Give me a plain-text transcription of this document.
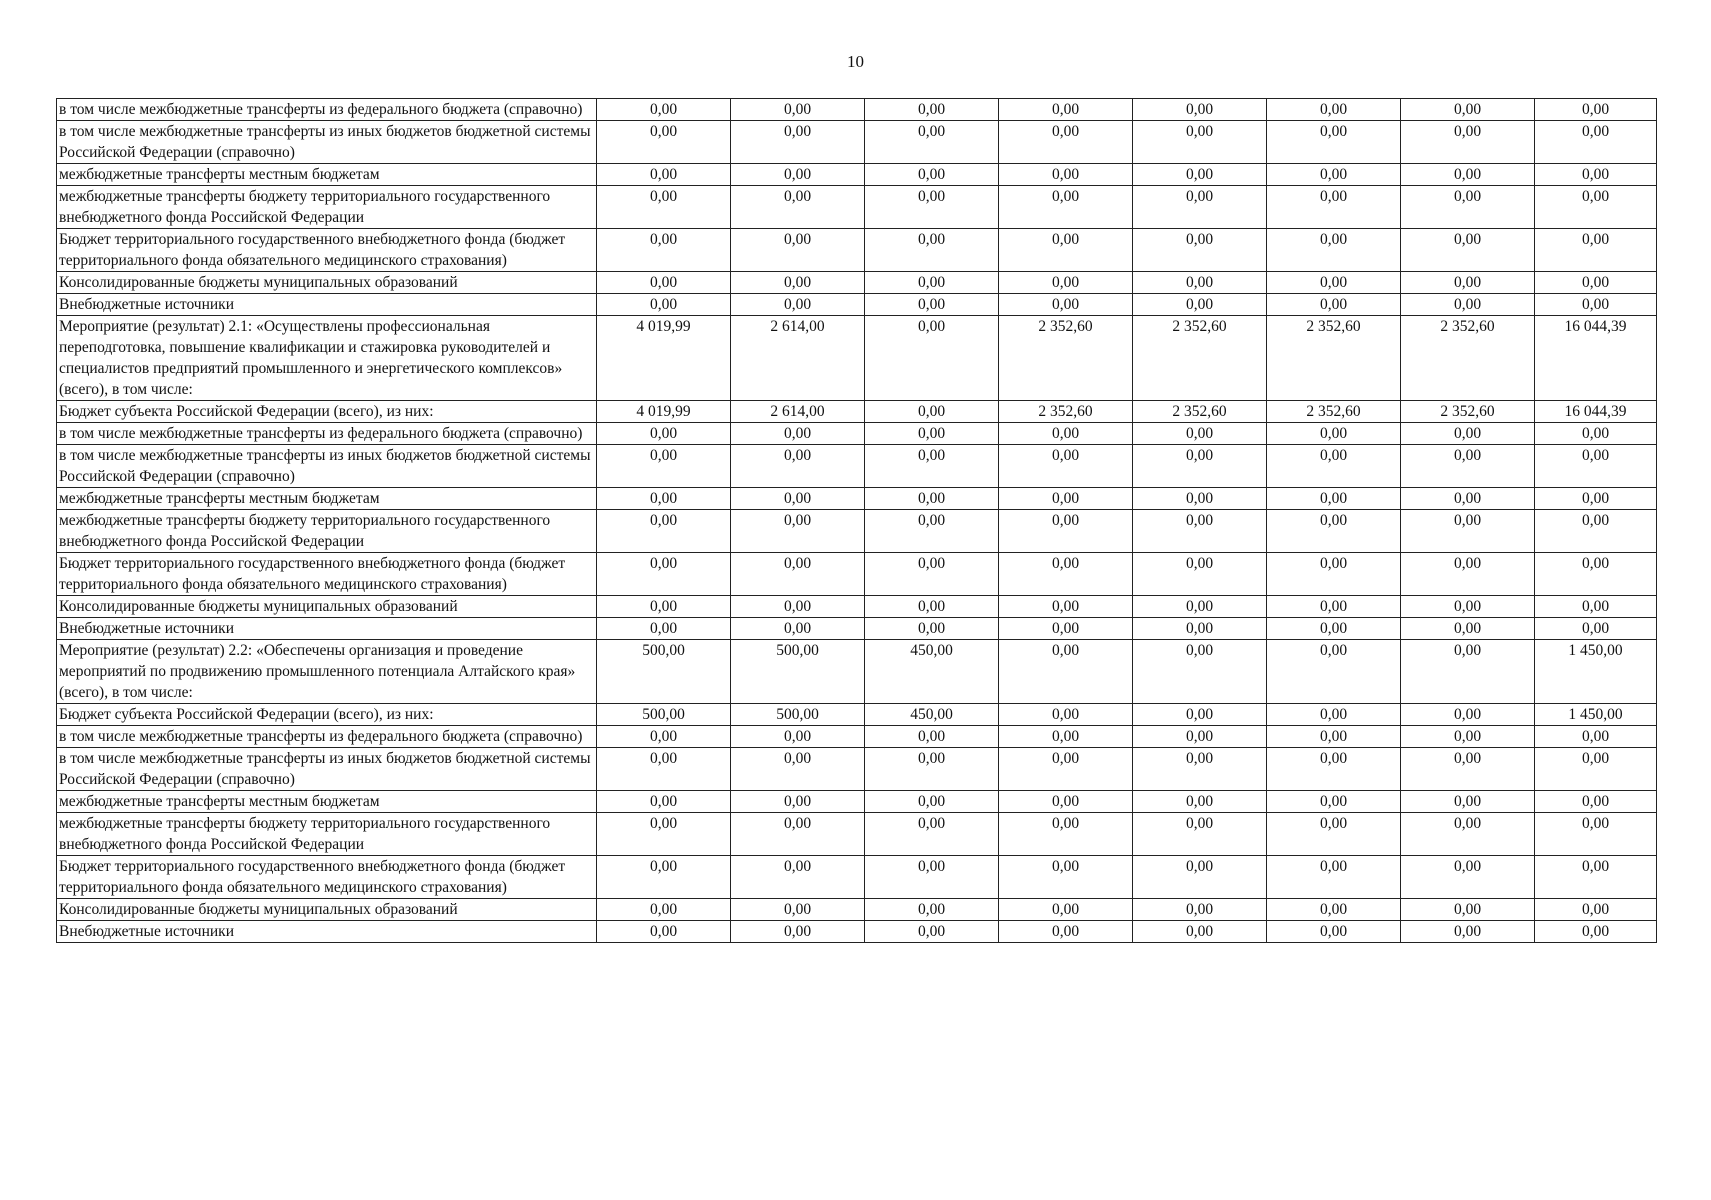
10
в том числе межбюджетные трансферты из федерального бюджета (справочно)	0,00	0,00	0,00	0,00	0,00	0,00	0,00	0,00
в том числе межбюджетные трансферты из иных бюджетов бюджетной системы Российской Федерации (справочно)	0,00	0,00	0,00	0,00	0,00	0,00	0,00	0,00
межбюджетные трансферты местным бюджетам	0,00	0,00	0,00	0,00	0,00	0,00	0,00	0,00
межбюджетные трансферты бюджету территориального государственного внебюджетного фонда Российской Федерации	0,00	0,00	0,00	0,00	0,00	0,00	0,00	0,00
Бюджет территориального государственного внебюджетного фонда (бюджет территориального фонда обязательного медицинского страхования)	0,00	0,00	0,00	0,00	0,00	0,00	0,00	0,00
Консолидированные бюджеты муниципальных образований	0,00	0,00	0,00	0,00	0,00	0,00	0,00	0,00
Внебюджетные источники	0,00	0,00	0,00	0,00	0,00	0,00	0,00	0,00
Мероприятие (результат) 2.1: «Осуществлены профессиональная переподготовка, повышение квалификации и стажировка руководителей и специалистов предприятий промышленного и энергетического комплексов» (всего), в том числе:	4 019,99	2 614,00	0,00	2 352,60	2 352,60	2 352,60	2 352,60	16 044,39
Бюджет субъекта Российской Федерации (всего), из них:	4 019,99	2 614,00	0,00	2 352,60	2 352,60	2 352,60	2 352,60	16 044,39
в том числе межбюджетные трансферты из федерального бюджета (справочно)	0,00	0,00	0,00	0,00	0,00	0,00	0,00	0,00
в том числе межбюджетные трансферты из иных бюджетов бюджетной системы Российской Федерации (справочно)	0,00	0,00	0,00	0,00	0,00	0,00	0,00	0,00
межбюджетные трансферты местным бюджетам	0,00	0,00	0,00	0,00	0,00	0,00	0,00	0,00
межбюджетные трансферты бюджету территориального государственного внебюджетного фонда Российской Федерации	0,00	0,00	0,00	0,00	0,00	0,00	0,00	0,00
Бюджет территориального государственного внебюджетного фонда (бюджет территориального фонда обязательного медицинского страхования)	0,00	0,00	0,00	0,00	0,00	0,00	0,00	0,00
Консолидированные бюджеты муниципальных образований	0,00	0,00	0,00	0,00	0,00	0,00	0,00	0,00
Внебюджетные источники	0,00	0,00	0,00	0,00	0,00	0,00	0,00	0,00
Мероприятие (результат) 2.2: «Обеспечены организация и проведение мероприятий по продвижению промышленного потенциала Алтайского края» (всего), в том числе:	500,00	500,00	450,00	0,00	0,00	0,00	0,00	1 450,00
Бюджет субъекта Российской Федерации (всего), из них:	500,00	500,00	450,00	0,00	0,00	0,00	0,00	1 450,00
в том числе межбюджетные трансферты из федерального бюджета (справочно)	0,00	0,00	0,00	0,00	0,00	0,00	0,00	0,00
в том числе межбюджетные трансферты из иных бюджетов бюджетной системы Российской Федерации (справочно)	0,00	0,00	0,00	0,00	0,00	0,00	0,00	0,00
межбюджетные трансферты местным бюджетам	0,00	0,00	0,00	0,00	0,00	0,00	0,00	0,00
межбюджетные трансферты бюджету территориального государственного внебюджетного фонда Российской Федерации	0,00	0,00	0,00	0,00	0,00	0,00	0,00	0,00
Бюджет территориального государственного внебюджетного фонда (бюджет территориального фонда обязательного медицинского страхования)	0,00	0,00	0,00	0,00	0,00	0,00	0,00	0,00
Консолидированные бюджеты муниципальных образований	0,00	0,00	0,00	0,00	0,00	0,00	0,00	0,00
Внебюджетные источники	0,00	0,00	0,00	0,00	0,00	0,00	0,00	0,00
